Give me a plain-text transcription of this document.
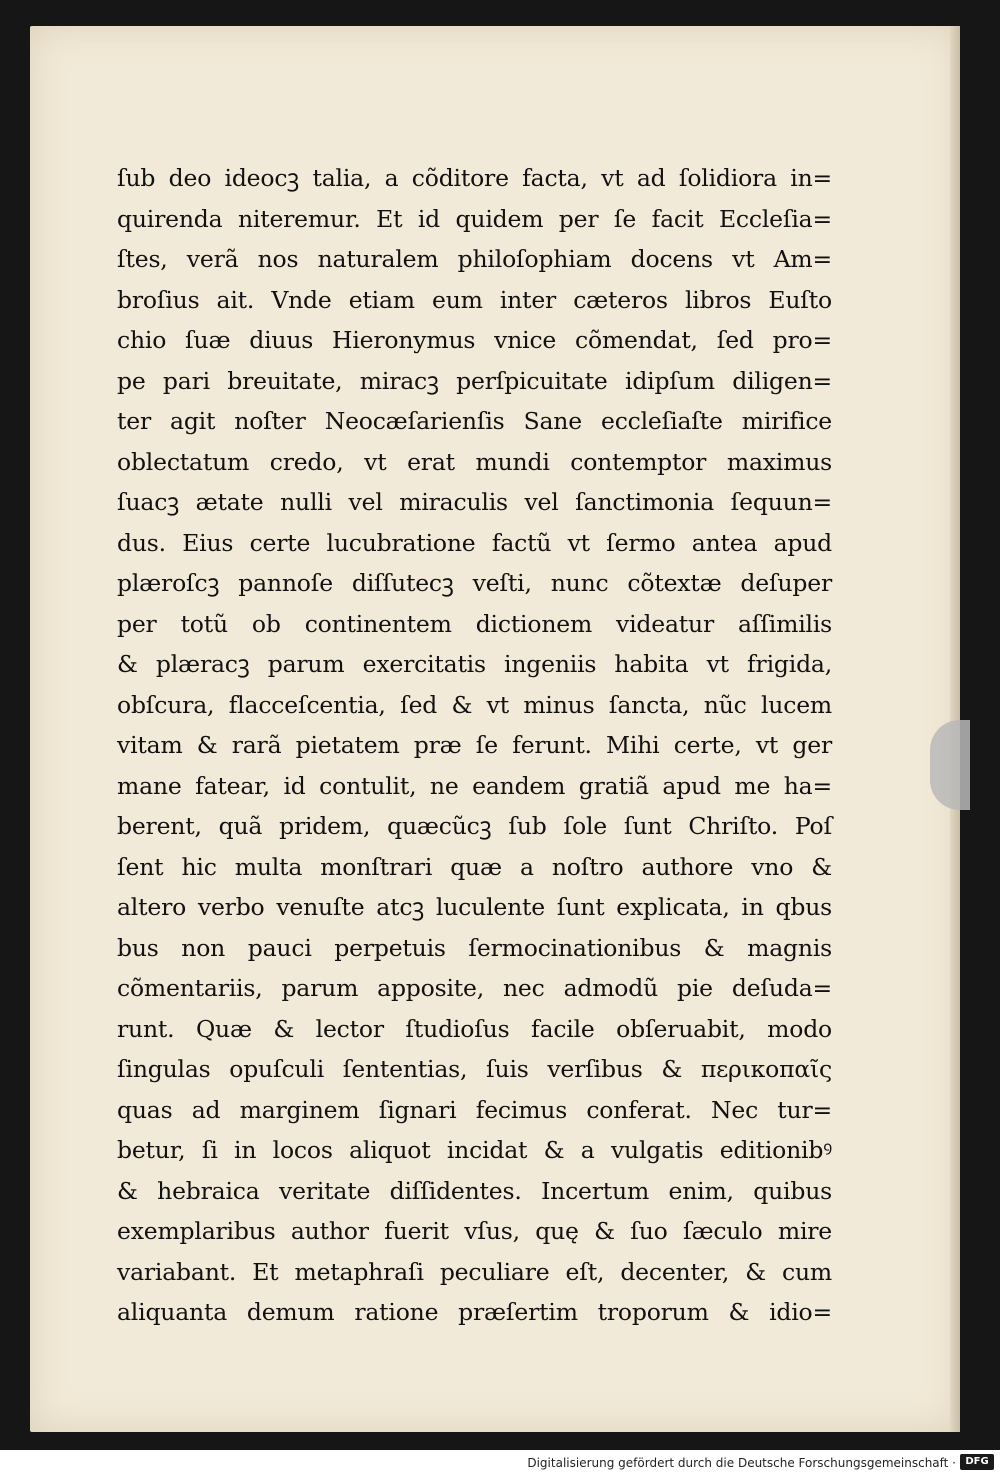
ſub deo ideocꝫ talia, a cõditore facta, vt ad ſolidiora in=
quirenda niteremur. Et id quidem per ſe facit Eccleſia=
ſtes, verã nos naturalem philoſophiam docens vt Am=
broſius ait. Vnde etiam eum inter cæteros libros Euſto
chio ſuæ diuus Hieronymus vnice cõmendat, ſed pro=
pe pari breuitate, miracꝫ perſpicuitate idipſum diligen=
ter agit noſter Neocæſarienſis Sane eccleſiaſte mirifice
oblectatum credo, vt erat mundi contemptor maximus
ſuacꝫ ætate nulli vel miraculis vel ſanctimonia ſequun=
dus. Eius certe lucubratione factũ vt ſermo antea apud
plæroſcꝫ pannoſe diſſutecꝫ veſti, nunc cõtextæ deſuper
per totũ ob continentem dictionem videatur aſſimilis
& plæracꝫ parum exercitatis ingeniis habita vt frigida,
obſcura, flacceſcentia, ſed & vt minus ſancta, nũc lucem
vitam & rarã pietatem præ ſe ferunt. Mihi certe, vt ger
mane fatear, id contulit, ne eandem gratiã apud me ha=
berent, quã pridem, quæcũcꝫ ſub ſole ſunt Chriſto. Poſ
ſent hic multa monſtrari quæ a noſtro authore vno &
altero verbo venuſte atcꝫ luculente ſunt explicata, in qbus
bus non pauci perpetuis ſermocinationibus & magnis
cõmentariis, parum apposite, nec admodũ pie deſuda=
runt. Quæ & lector ſtudioſus facile obſeruabit, modo
ſingulas opuſculi ſententias, ſuis verſibus & περικοπαῖς
quas ad marginem ſignari fecimus conferat. Nec tur=
betur, ſi in locos aliquot incidat & a vulgatis editionibꝰ
& hebraica veritate diſſidentes. Incertum enim, quibus
exemplaribus author fuerit vſus, quę & ſuo ſæculo mire
variabant. Et metaphraſi peculiare eſt, decenter, & cum
aliquanta demum ratione præſertim troporum & idio=
Digitalisierung gefördert durch die Deutsche Forschungsgemeinschaft · DFG
